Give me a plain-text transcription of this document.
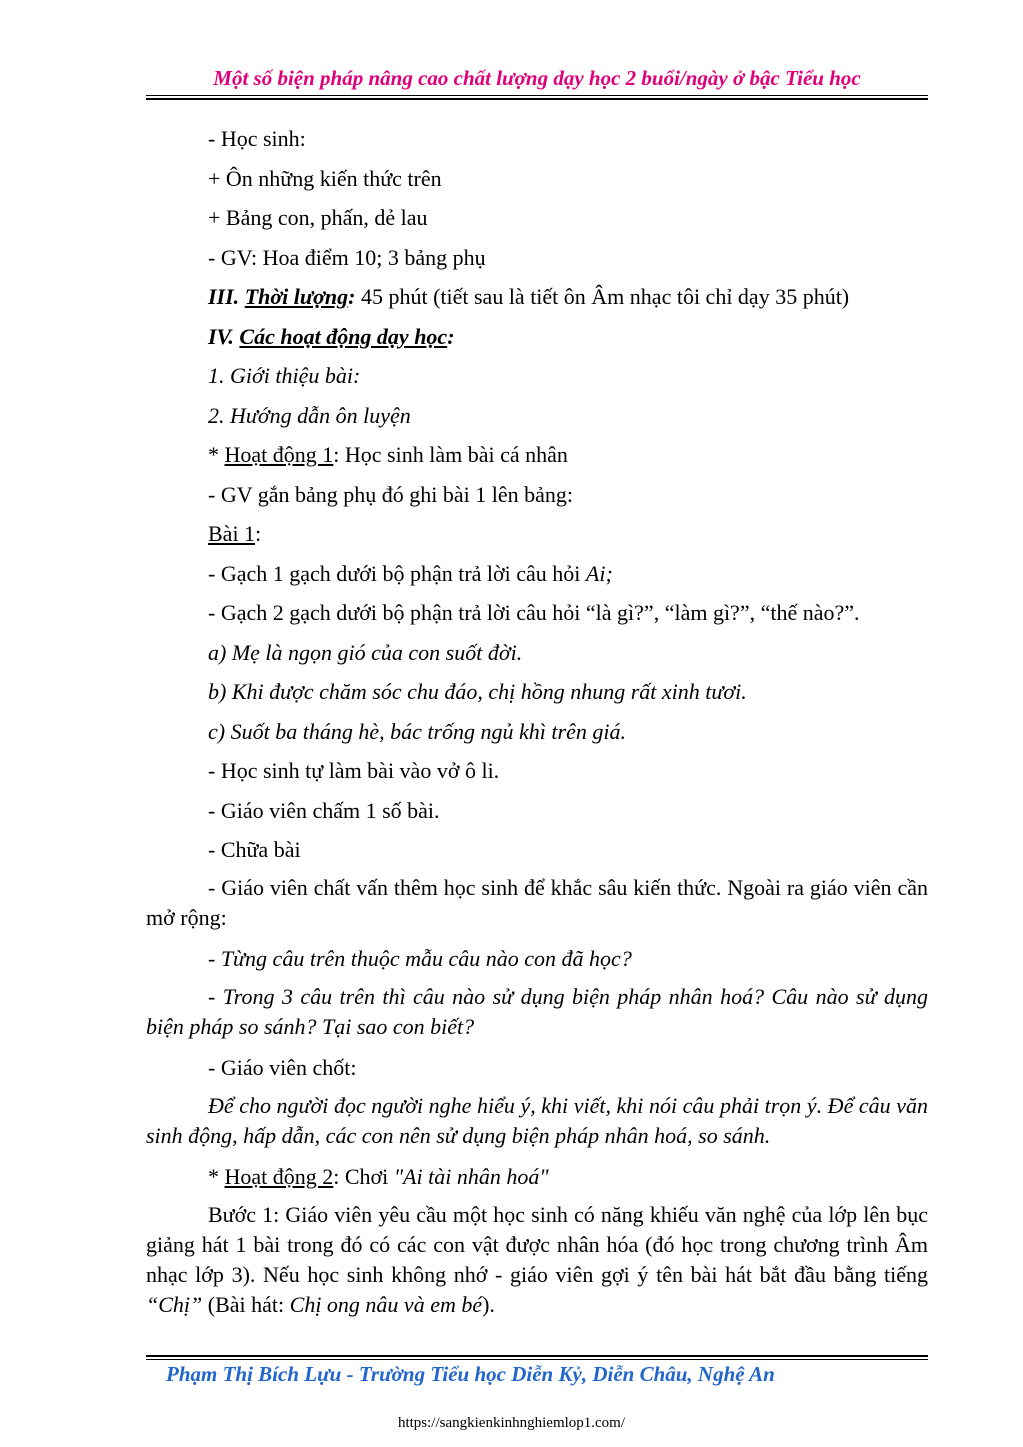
Một số biện pháp nâng cao chất lượng dạy học 2 buổi/ngày ở bậc Tiểu học
- Học sinh:
+ Ôn những kiến thức trên
+ Bảng con, phấn, dẻ lau
- GV: Hoa điểm 10; 3 bảng phụ
III. Thời lượng: 45 phút (tiết sau là tiết ôn Âm nhạc tôi chỉ dạy 35 phút)
IV. Các hoạt động dạy học:
1. Giới thiệu bài:
2. Hướng dẫn ôn luyện
* Hoạt động 1: Học sinh làm bài cá nhân
- GV gắn bảng phụ đó ghi bài 1 lên bảng:
Bài 1:
- Gạch 1 gạch dưới bộ phận trả lời câu hỏi Ai;
- Gạch 2 gạch dưới bộ phận trả lời câu hỏi “là gì?”, “làm gì?”, “thế nào?”.
a) Mẹ là ngọn gió của con suốt đời.
b) Khi được chăm sóc chu đáo, chị hồng nhung rất xinh tươi.
c) Suốt ba tháng hè, bác trống ngủ khì trên giá.
- Học sinh tự làm bài vào vở ô li.
- Giáo viên chấm 1 số bài.
- Chữa bài
- Giáo viên chất vấn thêm học sinh để khắc sâu kiến thức. Ngoài ra giáo viên cần mở rộng:
- Từng câu trên thuộc mẫu câu nào con đã học?
- Trong 3 câu trên thì câu nào sử dụng biện pháp nhân hoá? Câu nào sử dụng biện pháp so sánh? Tại sao con biết?
- Giáo viên chốt:
Để cho người đọc người nghe hiểu ý, khi viết, khi nói câu phải trọn ý. Để câu văn sinh động, hấp dẫn, các con nên sử dụng biện pháp nhân hoá, so sánh.
* Hoạt động 2: Chơi "Ai tài nhân hoá"
Bước 1: Giáo viên yêu cầu một học sinh có năng khiếu văn nghệ của lớp lên bục giảng hát 1 bài trong đó có các con vật được nhân hóa (đó học trong chương trình Âm nhạc lớp 3). Nếu học sinh không nhớ - giáo viên gợi ý tên bài hát bắt đầu bằng tiếng “Chị” (Bài hát: Chị ong nâu và em bé).
Phạm Thị Bích Lựu - Trường Tiểu học Diễn Kỷ, Diễn Châu, Nghệ An
https://sangkienkinhnghiemlop1.com/
